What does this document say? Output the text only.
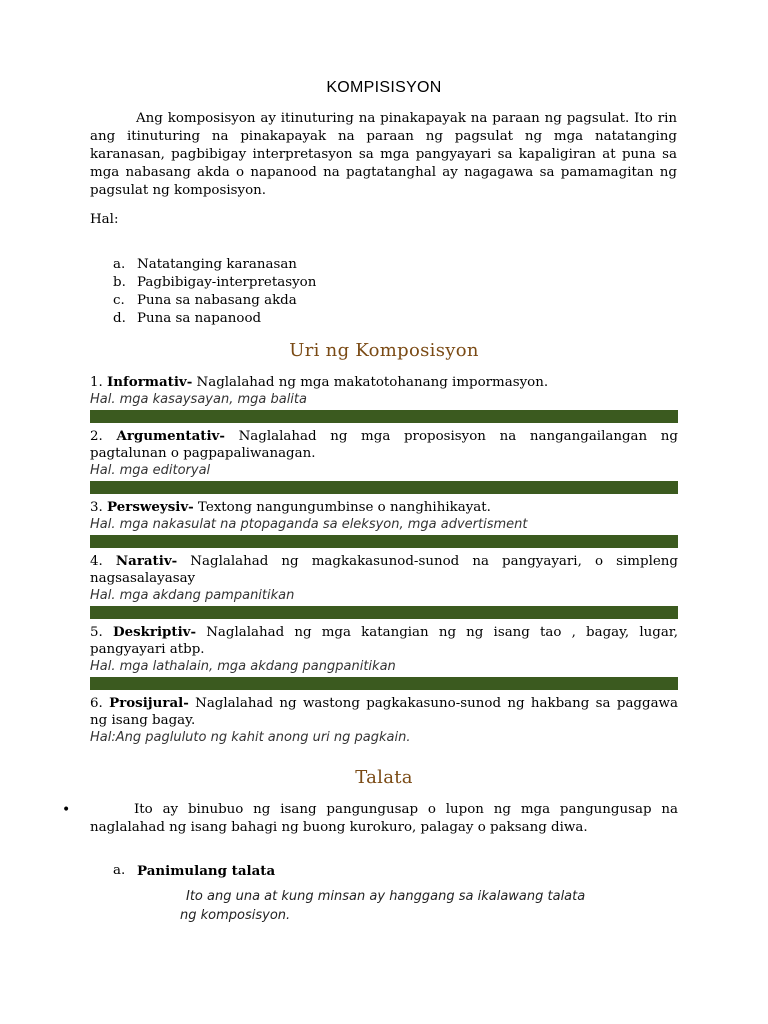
KOMPISISYON
Ang komposisyon ay itinuturing na pinakapayak na paraan ng pagsulat. Ito rin ang itinuturing na pinakapayak na paraan ng pagsulat ng mga natatanging karanasan, pagbibigay interpretasyon sa mga pangyayari sa kapaligiran at puna sa mga nabasang akda o napanood na pagtatanghal ay nagagawa sa pamamagitan ng pagsulat ng komposisyon.
Hal:
a. Natatanging karanasan
b. Pagbibigay-interpretasyon
c. Puna sa nabasang akda
d. Puna sa napanood
Uri ng Komposisyon
1. Informativ- Naglalahad ng mga makatotohanang impormasyon.
Hal. mga kasaysayan, mga balita
2. Argumentativ- Naglalahad ng mga proposisyon na nangangailangan ng pagtalunan o pagpapaliwanagan.
Hal. mga editoryal
3. Persweysiv- Textong nangungumbinse o nanghihikayat.
Hal. mga nakasulat na ptopaganda sa eleksyon, mga advertisment
4. Narativ- Naglalahad ng magkakasunod-sunod na pangyayari, o simpleng nagsasalayasay
Hal. mga akdang pampanitikan
5. Deskriptiv- Naglalahad ng mga katangian ng ng isang tao , bagay, lugar, pangyayari atbp.
Hal. mga lathalain, mga akdang pangpanitikan
6. Prosijural- Naglalahad ng wastong pagkakasuno-sunod ng hakbang sa paggawa ng isang bagay.
Hal:Ang pagluluto ng kahit anong uri ng pagkain.
Talata
•	Ito ay binubuo ng isang pangungusap o lupon ng mga pangungusap na naglalahad ng isang bahagi ng buong kurokuro, palagay o paksang diwa.
a. Panimulang talata
Ito ang una at kung minsan ay hanggang sa ikalawang talata
ng komposisyon.
